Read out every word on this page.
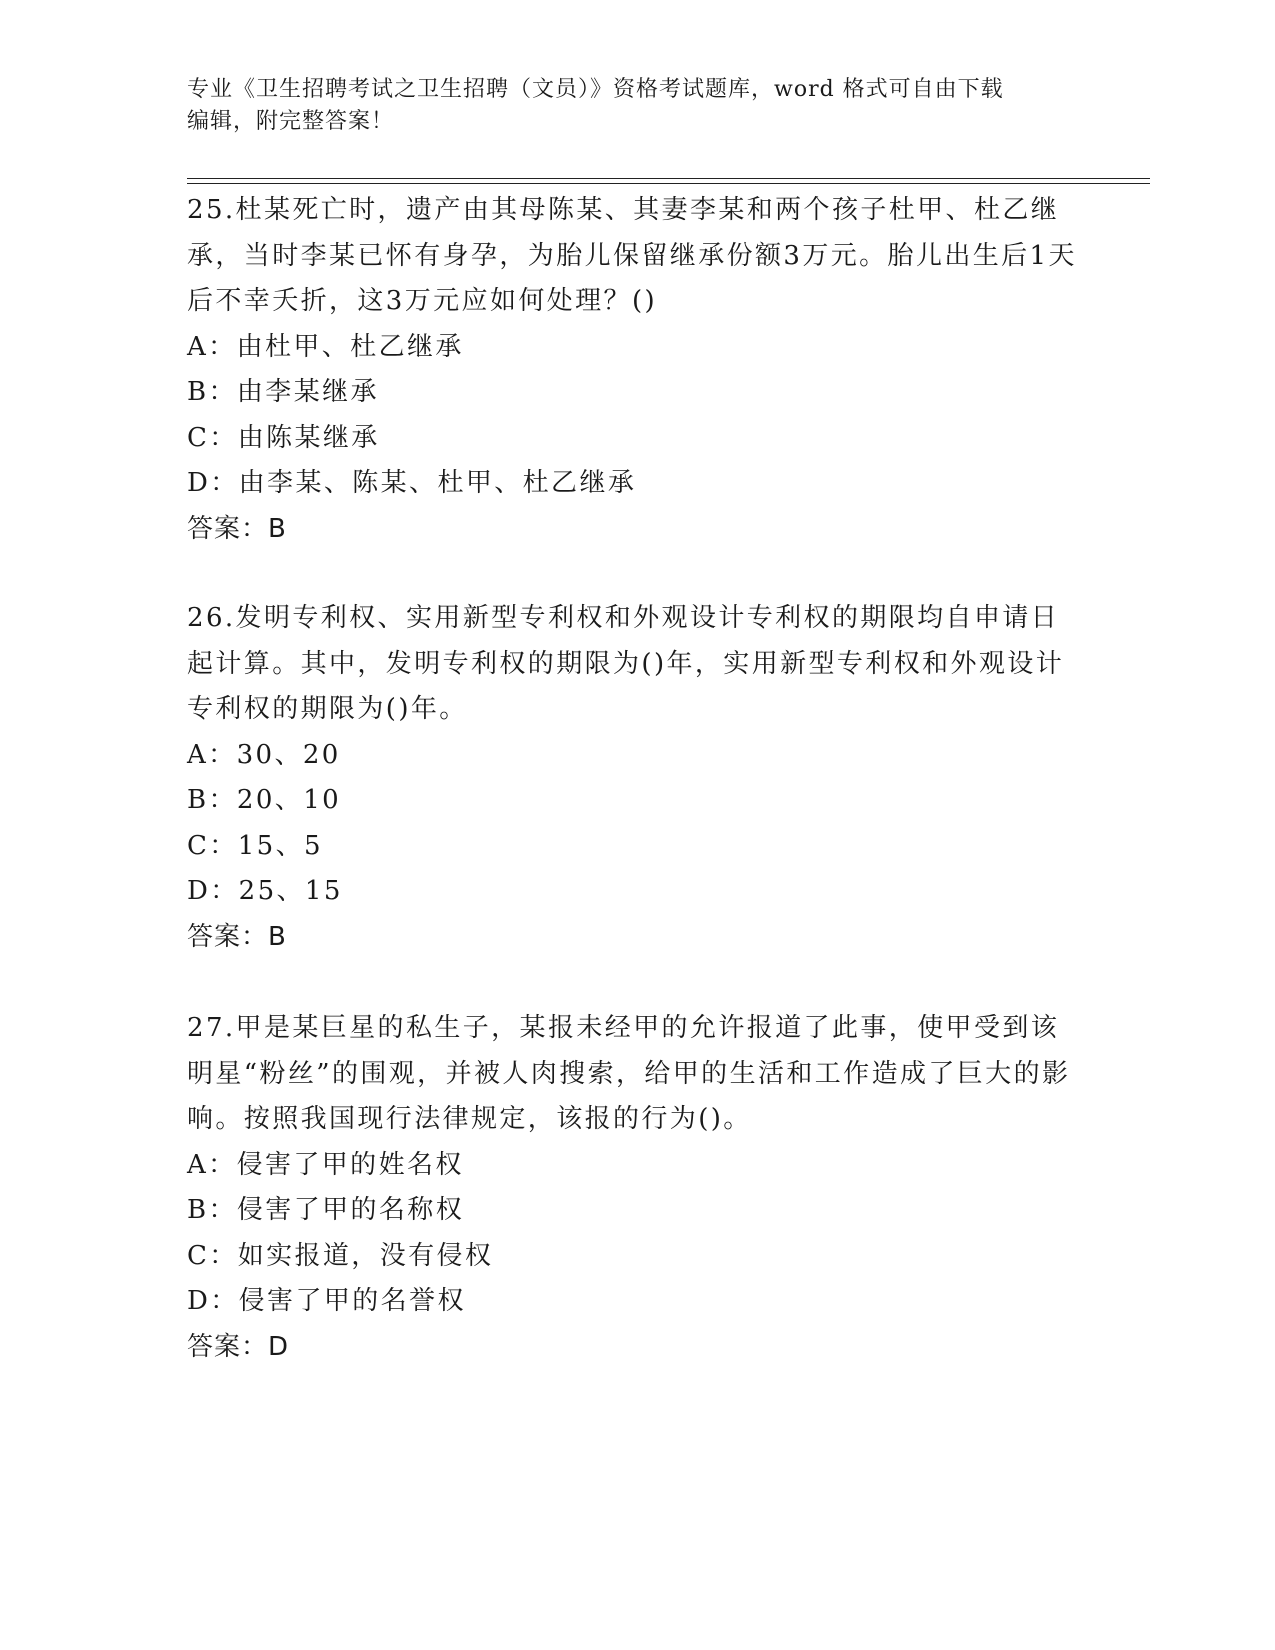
专业《卫生招聘考试之卫生招聘（文员）》资格考试题库，word 格式可自由下载
编辑，附完整答案！

25.杜某死亡时，遗产由其母陈某、其妻李某和两个孩子杜甲、杜乙继承，当时李某已怀有身孕，为胎儿保留继承份额3万元。胎儿出生后1天后不幸夭折，这3万元应如何处理？()

A：由杜甲、杜乙继承

B：由李某继承

C：由陈某继承

D：由李某、陈某、杜甲、杜乙继承

答案：B

26.发明专利权、实用新型专利权和外观设计专利权的期限均自申请日起计算。其中，发明专利权的期限为()年，实用新型专利权和外观设计专利权的期限为()年。

A：30、20

B：20、10

C：15、5

D：25、15

答案：B

27.甲是某巨星的私生子，某报未经甲的允许报道了此事，使甲受到该明星“粉丝”的围观，并被人肉搜索，给甲的生活和工作造成了巨大的影响。按照我国现行法律规定，该报的行为()。

A：侵害了甲的姓名权

B：侵害了甲的名称权

C：如实报道，没有侵权

D：侵害了甲的名誉权

答案：D
